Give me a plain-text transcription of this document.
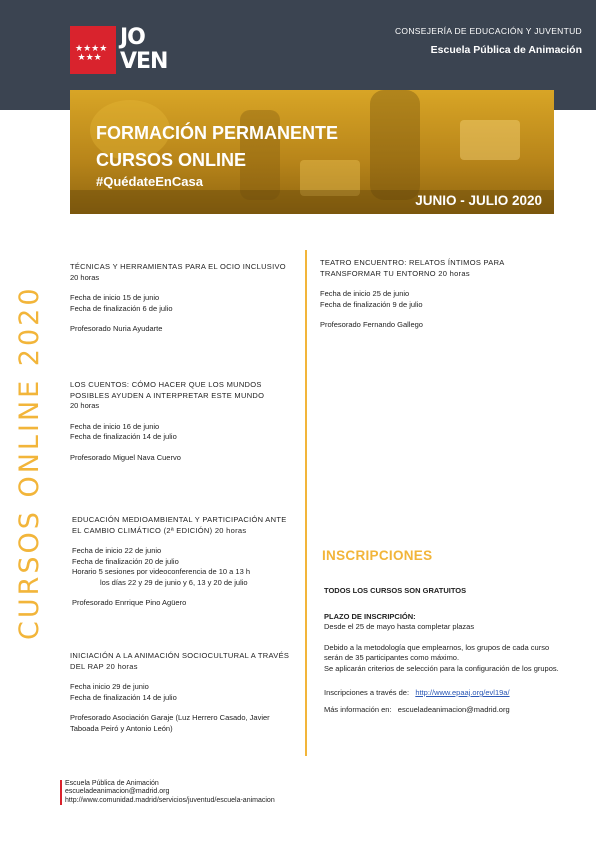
★★★★
★★★
JO VEN
CONSEJERÍA DE EDUCACIÓN Y JUVENTUD
Escuela Pública de Animación
FORMACIÓN PERMANENTE
CURSOS ONLINE
#QuédateEnCasa
JUNIO - JULIO 2020
CURSOS ONLINE 2020

TÉCNICAS Y HERRAMIENTAS PARA EL OCIO INCLUSIVO

20 horas

Fecha de inicio 15 de junio

Fecha de finalización 6 de julio

Profesorado Nuria Ayudarte

LOS CUENTOS: CÓMO HACER QUE LOS MUNDOS

POSIBLES AYUDEN A INTERPRETAR ESTE MUNDO

20 horas

Fecha de inicio 16 de junio

Fecha de finalización 14 de julio

Profesorado Miguel Nava Cuervo

EDUCACIÓN MEDIOAMBIENTAL Y PARTICIPACIÓN ANTE

EL CAMBIO CLIMÁTICO (2ª EDICIÓN) 20 horas

Fecha de inicio 22 de junio

Fecha de finalización 20 de julio

Horario 5 sesiones por videoconferencia de 10 a 13 h

los días 22 y 29 de junio y 6, 13 y 20 de julio

Profesorado Enrrique Pino Agüero

INICIACIÓN A LA ANIMACIÓN SOCIOCULTURAL A TRAVÉS

DEL RAP 20 horas

Fecha inicio 29 de junio

Fecha de finalización 14 de julio

Profesorado Asociación Garaje (Luz Herrero Casado, Javier

Taboada Peiró y Antonio León)

TEATRO ENCUENTRO: RELATOS ÍNTIMOS PARA

TRANSFORMAR TU ENTORNO 20 horas

Fecha de inicio 25 de junio

Fecha de finalización 9 de julio

Profesorado Fernando Gallego

INSCRIPCIONES

TODOS LOS CURSOS SON GRATUITOS

PLAZO DE INSCRIPCIÓN:

Desde el 25 de mayo hasta completar plazas

Debido a la metodología que emplearnos, los grupos de cada curso

serán de 35 participantes como máximo.

Se aplicarán criterios de selección para la configuración de los grupos.

Inscripciones a través de: http://www.epaaj.org/evl19a/

Más información en: escueladeanimacion@madrid.org

Escuela Pública de Animación
escueladeanimacion@madrid.org
http://www.comunidad.madrid/servicios/juventud/escuela-animacion
